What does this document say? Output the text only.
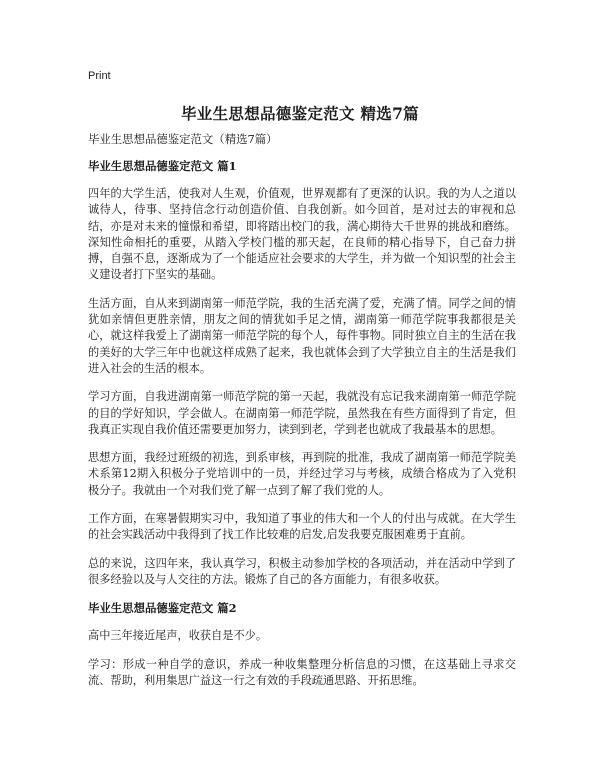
Print
毕业生思想品德鉴定范文 精选7篇

毕业生思想品德鉴定范文（精选7篇）

毕业生思想品德鉴定范文 篇1

四年的大学生活，使我对人生观，价值观，世界观都有了更深的认识。我的为人之道以诚待人，待事、坚持信念行动创造价值、自我创新。如今回首，是对过去的审视和总结，亦是对未来的憧憬和希望，即将踏出校门的我，满心期待大千世界的挑战和磨练。深知性命相托的重要，从踏入学校门槛的那天起，在良师的精心指导下，自己奋力拼搏，自强不息，逐渐成为了一个能适应社会要求的大学生，并为做一个知识型的社会主义建设者打下坚实的基础。

生活方面，自从来到湖南第一师范学院，我的生活充满了爱，充满了情。同学之间的情犹如亲情但更胜亲情，朋友之间的情犹如手足之情，湖南第一师范学院事我都很是关心，就这样我爱上了湖南第一师范学院的每个人，每件事物。同时独立自主的生活在我的美好的大学三年中也就这样成熟了起来，我也就体会到了大学独立自主的生活是我们进入社会的生活的根本。

学习方面，自我进湖南第一师范学院的第一天起，我就没有忘记我来湖南第一师范学院的目的学好知识，学会做人。在湖南第一师范学院，虽然我在有些方面得到了肯定，但我真正实现自我价值还需要更加努力，读到到老，学到老也就成了我最基本的思想。

思想方面，我经过班级的初选，到系审核，再到院的批准，我成了湖南第一师范学院美术系第12期入积极分子党培训中的一员，并经过学习与考核，成绩合格成为了入党积极分子。我就由一个对我们党了解一点到了解了我们党的人。

工作方面，在寒暑假期实习中，我知道了事业的伟大和一个人的付出与成就。在大学生的社会实践活动中我得到了找工作比较难的启发,启发我要克服困难勇于直前。

总的来说，这四年来，我认真学习，积极主动参加学校的各项活动，并在活动中学到了很多经验以及与人交往的方法。锻炼了自己的各方面能力，有很多收获。

毕业生思想品德鉴定范文 篇2

高中三年接近尾声，收获自是不少。

学习：形成一种自学的意识，养成一种收集整理分析信息的习惯，在这基础上寻求交流、帮助，利用集思广益这一行之有效的手段疏通思路、开拓思维。
